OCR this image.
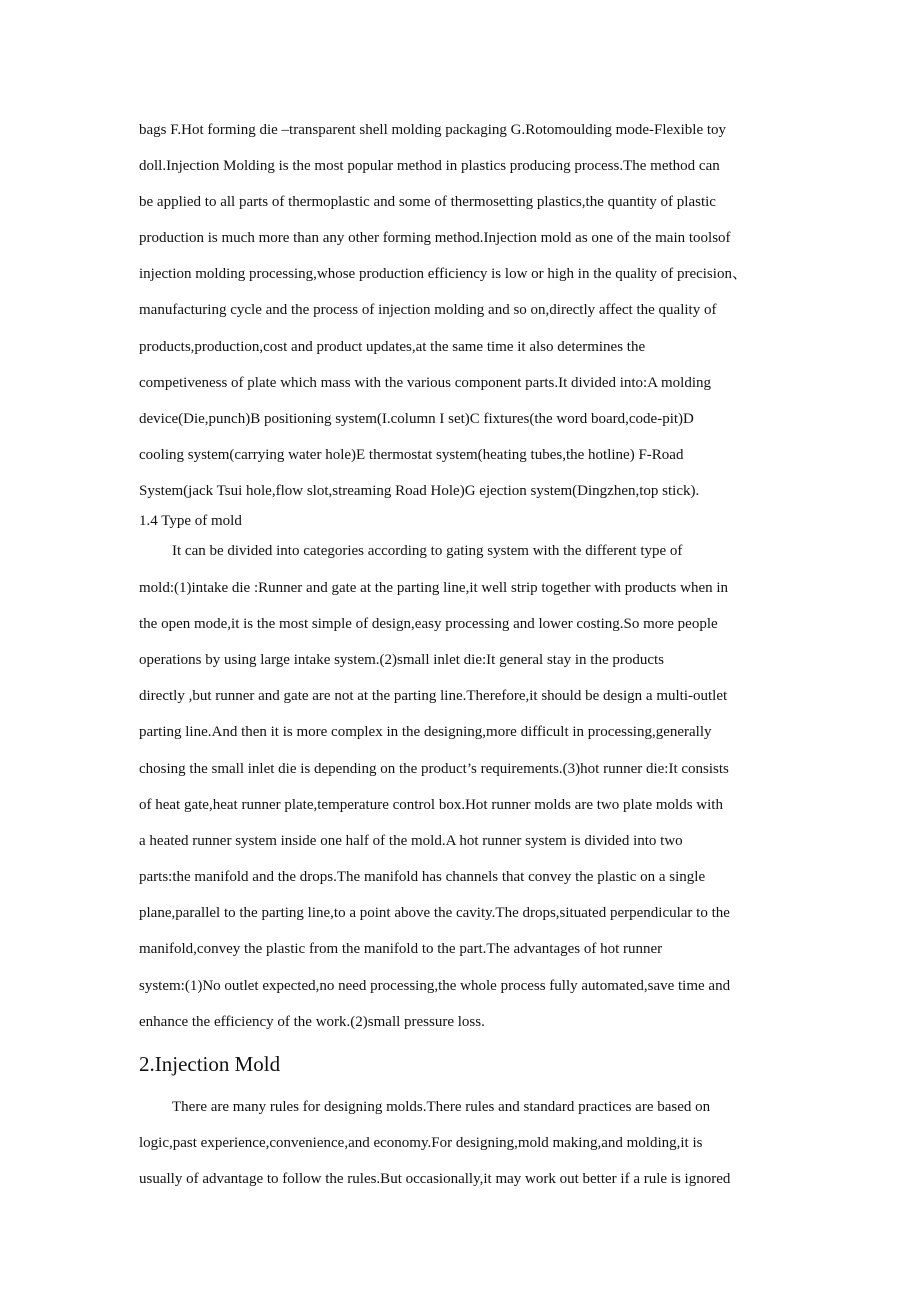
bags F.Hot forming die –transparent shell molding packaging G.Rotomoulding mode-Flexible toy

doll.Injection Molding is the most popular method in plastics producing process.The method can

be applied to all parts of thermoplastic and some of thermosetting plastics,the quantity of plastic

production is much more than any other forming method.Injection mold as one of the main toolsof

injection molding processing,whose production efficiency is low or high in the quality of precision、

manufacturing cycle and the process of injection molding and so on,directly affect the quality of

products,production,cost and product updates,at the same time it also determines the

competiveness of plate which mass with the various component parts.It divided into:A molding

device(Die,punch)B positioning system(I.column I set)C fixtures(the word board,code-pit)D

cooling system(carrying water hole)E thermostat system(heating tubes,the hotline) F-Road

System(jack Tsui hole,flow slot,streaming Road Hole)G ejection system(Dingzhen,top stick).

1.4 Type of mold

It can be divided into categories according to gating system with the different type of

mold:(1)intake die :Runner and gate at the parting line,it well strip together with products when in

the open mode,it is the most simple of design,easy processing and lower costing.So more people

operations by using large intake system.(2)small inlet die:It general stay in the products

directly ,but runner and gate are not at the parting line.Therefore,it should be design a multi-outlet

parting line.And then it is more complex in the designing,more difficult in processing,generally

chosing the small inlet die is depending on the product’s requirements.(3)hot runner die:It consists

of heat gate,heat runner plate,temperature control box.Hot runner molds are two plate molds with

a heated runner system inside one half of the mold.A hot runner system is divided into two

parts:the manifold and the drops.The manifold has channels that convey the plastic on a single

plane,parallel to the parting line,to a point above the cavity.The drops,situated perpendicular to the

manifold,convey the plastic from the manifold to the part.The advantages of hot runner

system:(1)No outlet expected,no need processing,the whole process fully automated,save time and

enhance the efficiency of the work.(2)small pressure loss.

2.Injection Mold

There are many rules for designing molds.There rules and standard practices are based on

logic,past experience,convenience,and economy.For designing,mold making,and molding,it is

usually of advantage to follow the rules.But occasionally,it may work out better if a rule is ignored
